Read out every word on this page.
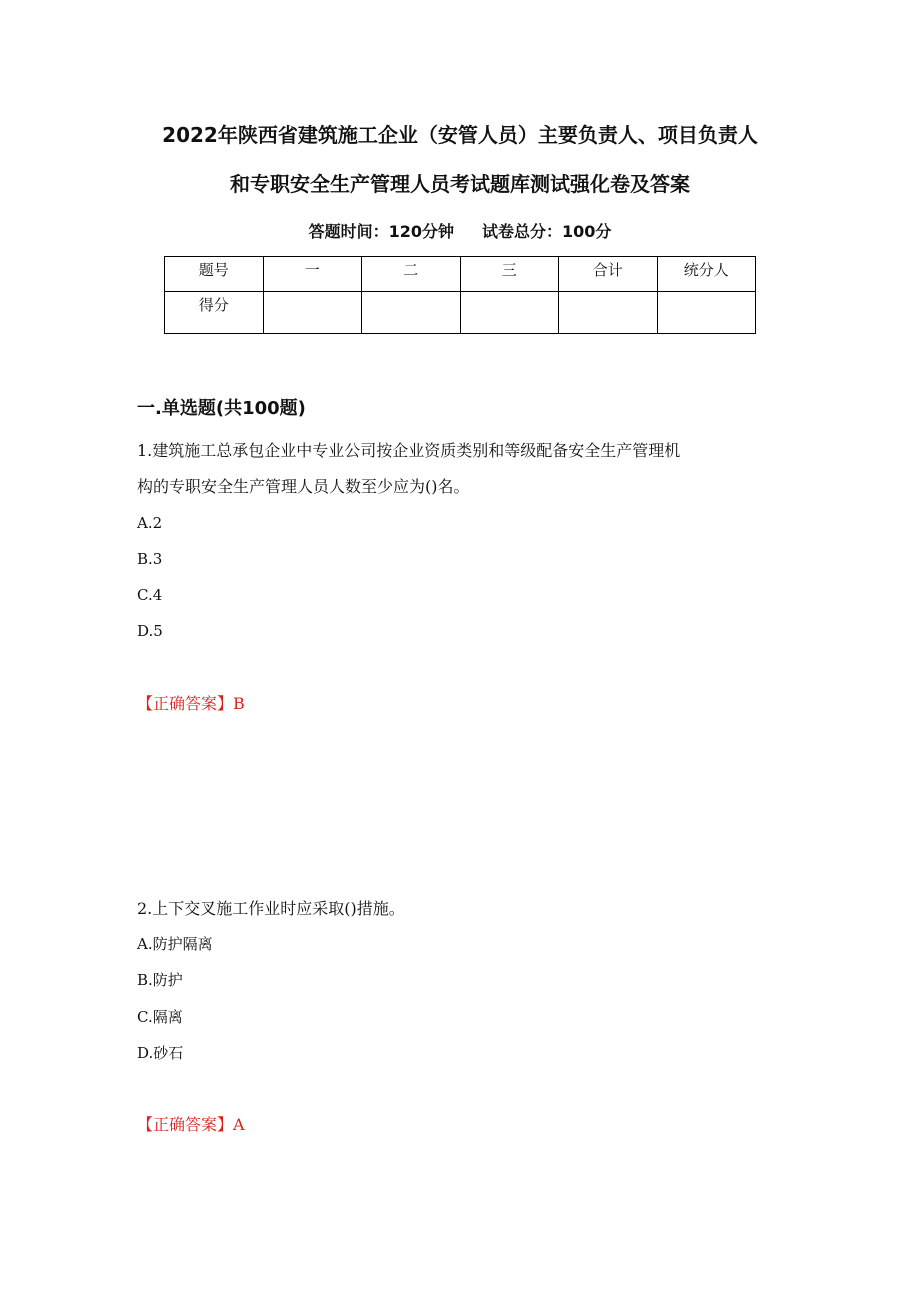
2022年陕西省建筑施工企业（安管人员）主要负责人、项目负责人
和专职安全生产管理人员考试题库测试强化卷及答案
答题时间：120分钟 试卷总分：100分
题号	一	二	三	合计	统分人
得分					
一.单选题(共100题)
1.建筑施工总承包企业中专业公司按企业资质类别和等级配备安全生产管理机
构的专职安全生产管理人员人数至少应为()名。
A.2
B.3
C.4
D.5
【正确答案】B
2.上下交叉施工作业时应采取()措施。
A.防护隔离
B.防护
C.隔离
D.砂石
【正确答案】A
